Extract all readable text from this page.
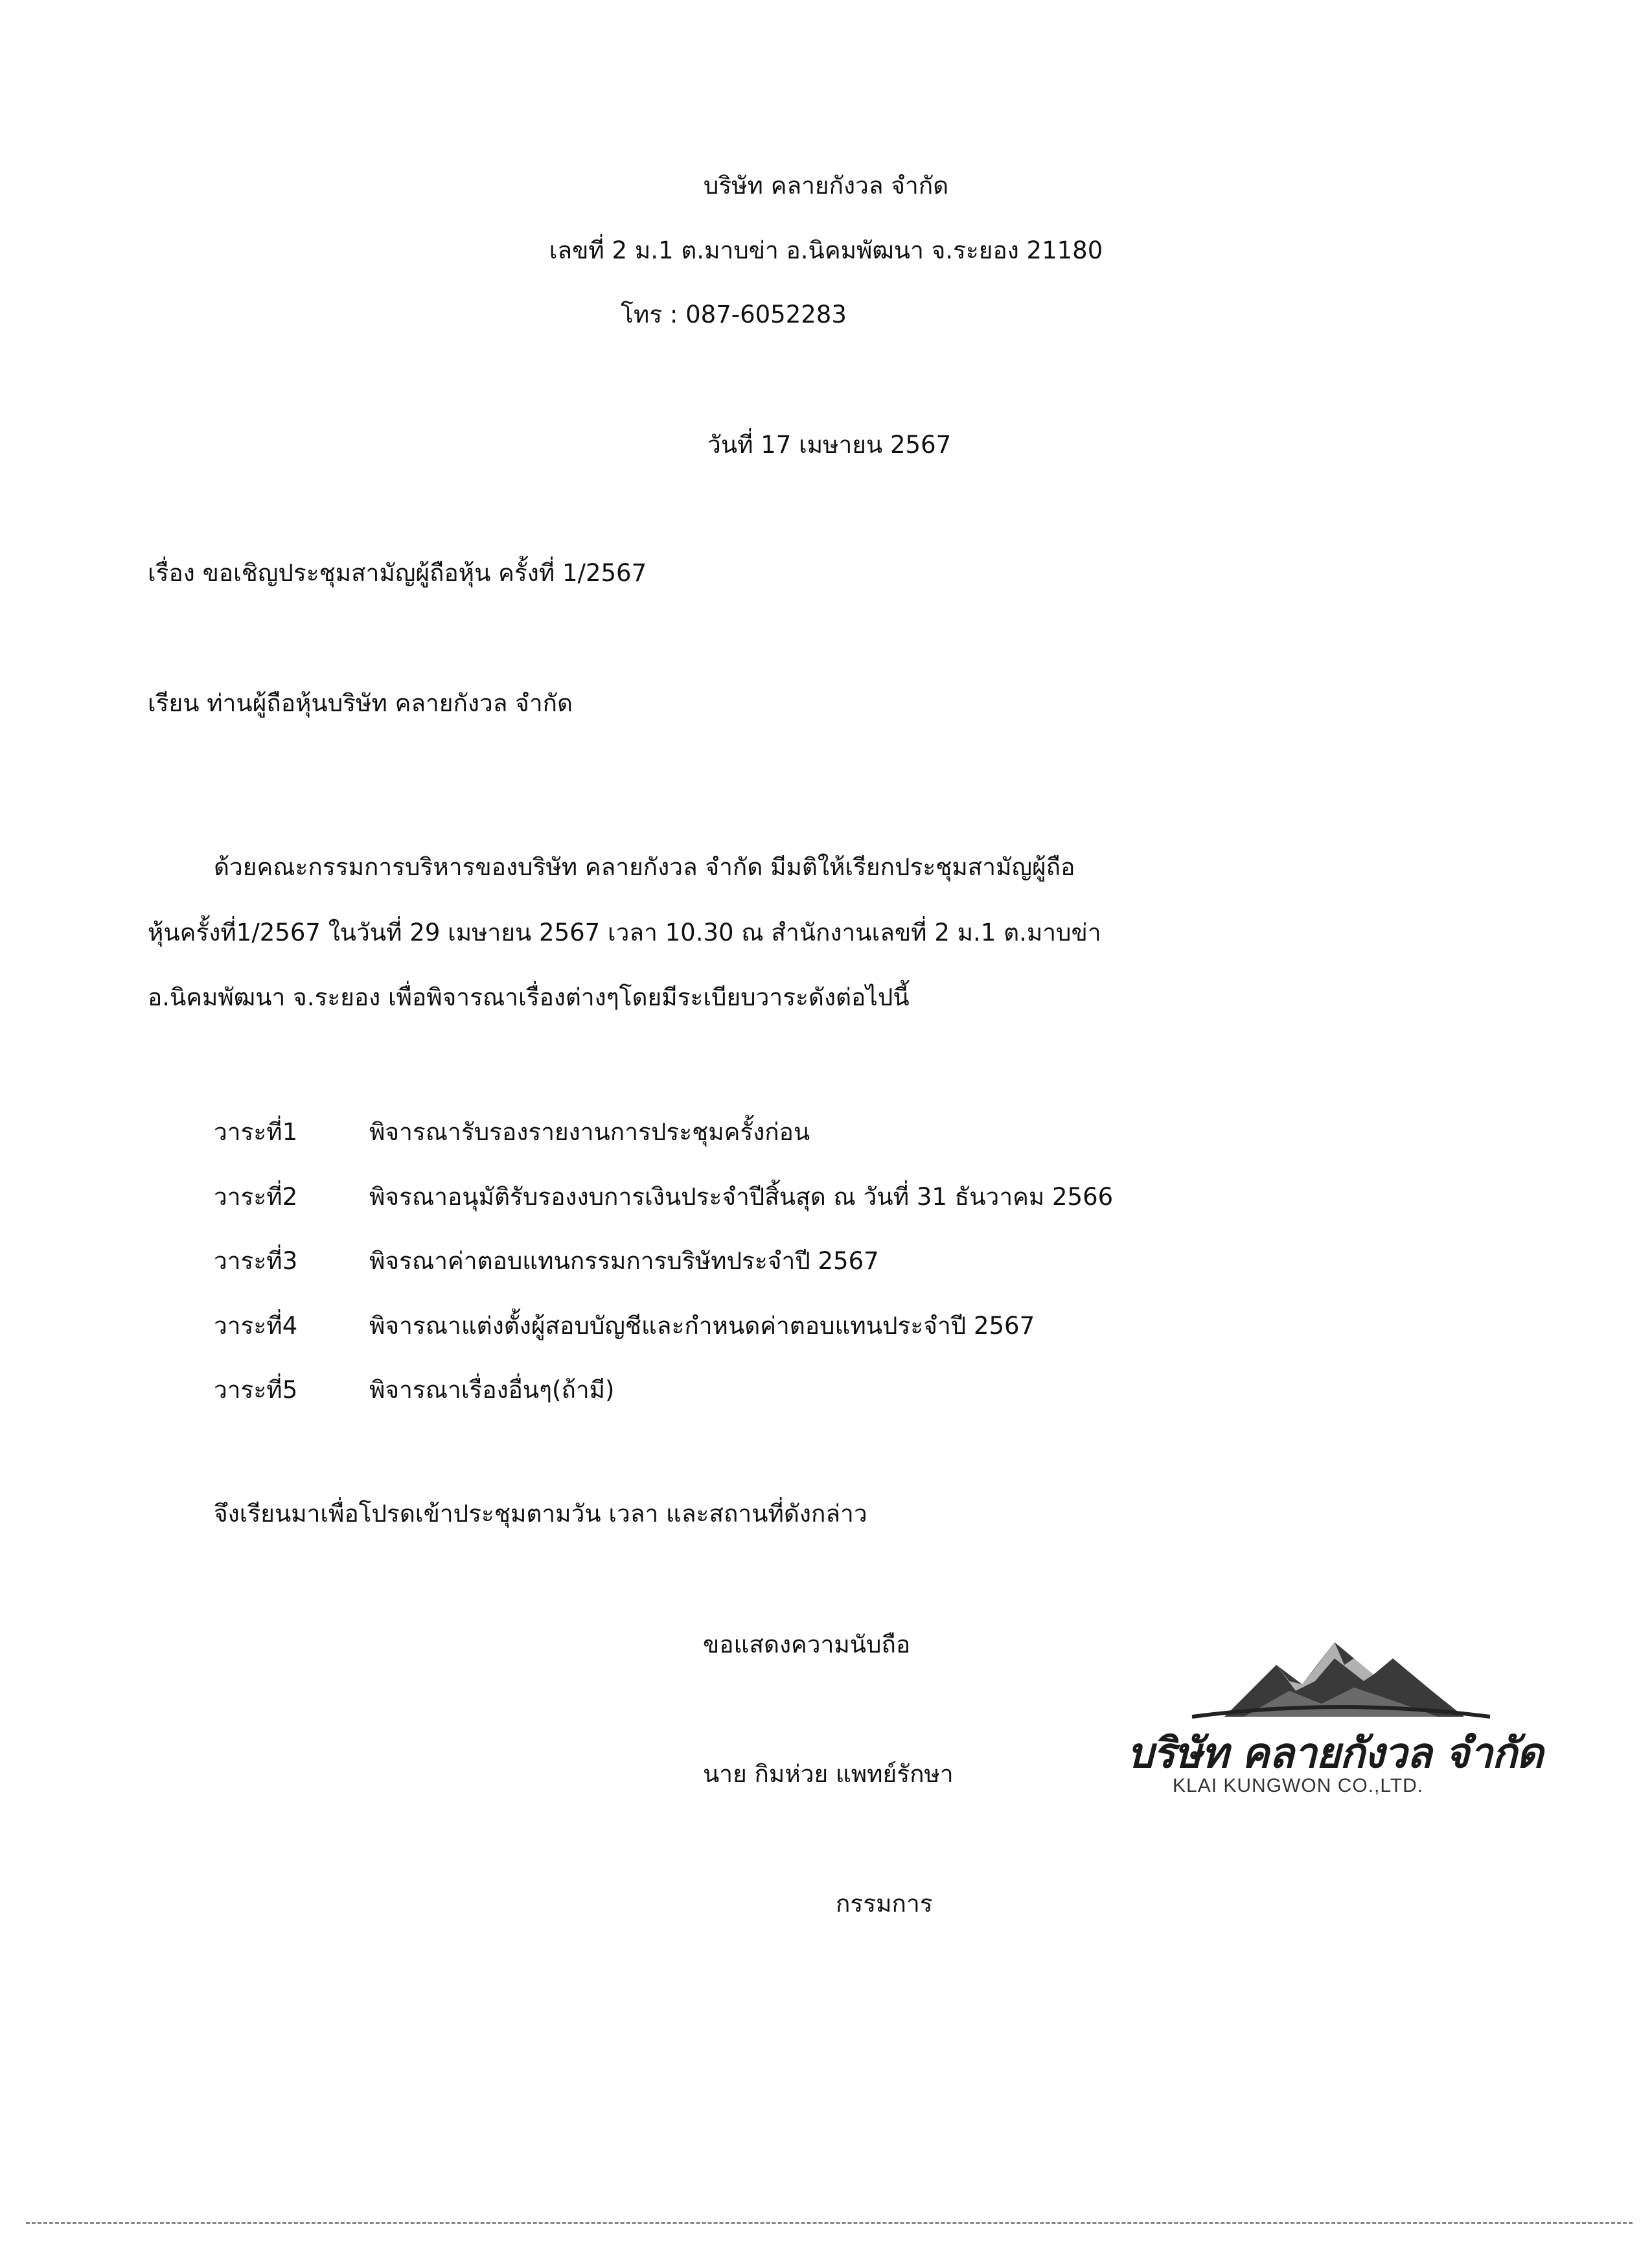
บริษัท คลายกังวล จำกัด
เลขที่ 2 ม.1 ต.มาบข่า อ.นิคมพัฒนา จ.ระยอง 21180
โทร : 087-6052283
วันที่ 17 เมษายน 2567
เรื่อง ขอเชิญประชุมสามัญผู้ถือหุ้น ครั้งที่ 1/2567
เรียน ท่านผู้ถือหุ้นบริษัท คลายกังวล จำกัด
ด้วยคณะกรรมการบริหารของบริษัท คลายกังวล จำกัด มีมติให้เรียกประชุมสามัญผู้ถือ
หุ้นครั้งที่1/2567 ในวันที่ 29 เมษายน 2567 เวลา 10.30 ณ สำนักงานเลขที่ 2 ม.1 ต.มาบข่า
อ.นิคมพัฒนา จ.ระยอง เพื่อพิจารณาเรื่องต่างๆโดยมีระเบียบวาระดังต่อไปนี้
วาระที่1	พิจารณารับรองรายงานการประชุมครั้งก่อน
วาระที่2	พิจรณาอนุมัติรับรองงบการเงินประจำปีสิ้นสุด ณ วันที่ 31 ธันวาคม 2566
วาระที่3	พิจรณาค่าตอบแทนกรรมการบริษัทประจำปี 2567
วาระที่4	พิจารณาแต่งตั้งผู้สอบบัญชีและกำหนดค่าตอบแทนประจำปี 2567
วาระที่5	พิจารณาเรื่องอื่นๆ(ถ้ามี)
จึงเรียนมาเพื่อโปรดเข้าประชุมตามวัน เวลา และสถานที่ดังกล่าว
ขอแสดงความนับถือ
นาย กิมห่วย แพทย์รักษา
กรรมการ
บริษัท คลายกังวล จำกัด
KLAI KUNGWON CO.,LTD.
